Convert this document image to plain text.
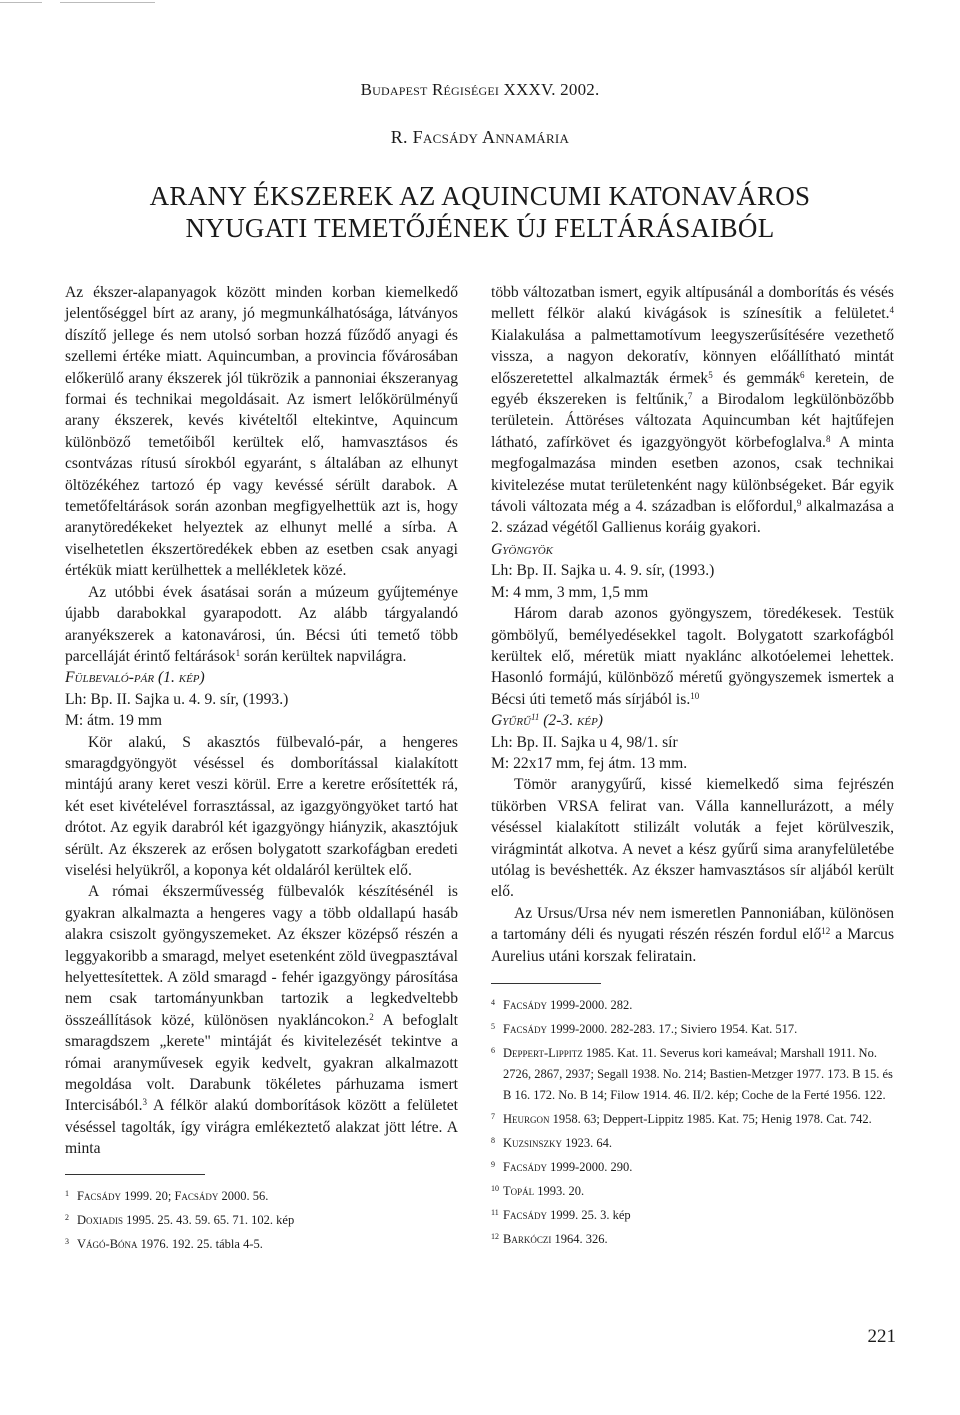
Budapest Régiségei XXXV. 2002.
R. Facsády Annamária
ARANY ÉKSZEREK AZ AQUINCUMI KATONAVÁROS
NYUGATI TEMETŐJÉNEK ÚJ FELTÁRÁSAIBÓL

Az ékszer-alapanyagok között minden korban kiemelkedő jelentőséggel bírt az arany, jó megmunkálhatósága, látványos díszítő jellege és nem utolsó sorban hozzá fűződő anyagi és szellemi értéke miatt. Aquincumban, a provincia fővárosában előkerülő arany ékszerek jól tükrözik a pannoniai ékszeranyag formai és technikai megoldásait. Az ismert lelőkörülményű arany ékszerek, kevés kivételtől eltekintve, Aquincum különböző temetőiből kerültek elő, hamvasztásos és csontvázas rítusú sírokból egyaránt, s általában az elhunyt öltözékéhez tartozó ép vagy kevéssé sérült darabok. A temetőfeltárások során azonban megfigyelhettük azt is, hogy aranytöredékeket helyeztek az elhunyt mellé a sírba. A viselhetetlen ékszertöredékek ebben az esetben csak anyagi értékük miatt kerülhettek a mellékletek közé.

Az utóbbi évek ásatásai során a múzeum gyűjteménye újabb darabokkal gyarapodott. Az alább tárgyalandó aranyékszerek a katonavárosi, ún. Bécsi úti temető több parcelláját érintő feltárások$^1$ során kerültek napvilágra.

Fülbevaló-pár (1. kép)

Lh: Bp. II. Sajka u. 4. 9. sír, (1993.)

M: átm. 19 mm

Kör alakú, S akasztós fülbevaló-pár, a hengeres smaragdgyöngyöt véséssel és domborítással kialakított mintájú arany keret veszi körül. Erre a keretre erősítették rá, két eset kivételével forrasztással, az igazgyöngyöket tartó hat drótot. Az egyik darabról két igazgyöngy hiányzik, akasztójuk sérült. Az ékszerek az erősen bolygatott szarkofágban eredeti viselési helyükről, a koponya két oldaláról kerültek elő.

A római ékszerművesség fülbevalók készítésénél is gyakran alkalmazta a hengeres vagy a több oldallapú hasáb alakra csiszolt gyöngyszemeket. Az ékszer középső részén a leggyakoribb a smaragd, melyet esetenként zöld üvegpasztával helyettesítettek. A zöld smaragd - fehér igazgyöngy párosítása nem csak tartományunkban tartozik a legkedveltebb összeállítások közé, különösen nyakláncokon.$^2$ A befoglalt smaragdszem „kerete" mintáját és kivitelezését tekintve a római aranyművesek egyik kedvelt, gyakran alkalmazott megoldása volt. Darabunk tökéletes párhuzama ismert Intercisából.$^3$ A félkör alakú domborítások között a felületet véséssel tagolták, így virágra emlékeztető alakzat jött létre. A minta

1 Facsády 1999. 20; Facsády 2000. 56.
2 Doxiadis 1995. 25. 43. 59. 65. 71. 102. kép
3 Vágó-Bóna 1976. 192. 25. tábla 4-5.

több változatban ismert, egyik altípusánál a domborítás és vésés mellett félkör alakú kivágások is színesítik a felületet.$^4$ Kialakulása a palmettamotívum leegyszerűsítésére vezethető vissza, a nagyon dekoratív, könnyen előállítható mintát előszeretettel alkalmazták érmek$^5$ és gemmák$^6$ keretein, de egyéb ékszereken is feltűnik,$^7$ a Birodalom legkülönbözőbb területein. Áttöréses változata Aquincumban két hajtűfejen látható, zafírkövet és igazgyöngyöt körbefoglalva.$^8$ A minta megfogalmazása minden esetben azonos, csak technikai kivitelezése mutat területenként nagy különbségeket. Bár egyik távoli változata még a 4. században is előfordul,$^9$ alkalmazása a 2. század végétől Gallienus koráig gyakori.

Gyöngyök

Lh: Bp. II. Sajka u. 4. 9. sír, (1993.)

M: 4 mm, 3 mm, 1,5 mm

Három darab azonos gyöngyszem, töredékesek. Testük gömbölyű, bemélyedésekkel tagolt. Bolygatott szarkofágból kerültek elő, méretük miatt nyaklánc alkotóelemei lehettek. Hasonló formájú, különböző méretű gyöngyszemek ismertek a Bécsi úti temető más sírjából is.$^{10}$

Gyűrű$^{11}$ (2-3. kép)

Lh: Bp. II. Sajka u 4, 98/1. sír

M: 22x17 mm, fej átm. 13 mm.

Tömör aranygyűrű, kissé kiemelkedő sima fejrészén tükörben VRSA felirat van. Válla kannellurázott, a mély véséssel kialakított stilizált voluták a fejet körülveszik, virágmintát alkotva. A nevet a kész gyűrű sima aranyfelületébe utólag is bevéshették. Az ékszer hamvasztásos sír aljából került elő.

Az Ursus/Ursa név nem ismeretlen Pannoniában, különösen a tartomány déli és nyugati részén részén fordul elő$^{12}$ a Marcus Aurelius utáni korszak feliratain.

4 Facsády 1999-2000. 282.
5 Facsády 1999-2000. 282-283. 17.; Siviero 1954. Kat. 517.
6 Deppert-Lippitz 1985. Kat. 11. Severus kori kameával; Marshall 1911. No. 2726, 2867, 2937; Segall 1938. No. 214; Bastien-Metzger 1977. 173. B 15. és B 16. 172. No. B 14; Filow 1914. 46. II/2. kép; Coche de la Ferté 1956. 122.
7 Heurgon 1958. 63; Deppert-Lippitz 1985. Kat. 75; Henig 1978. Cat. 742.
8 Kuzsinszky 1923. 64.
9 Facsády 1999-2000. 290.
10 Topál 1993. 20.
11 Facsády 1999. 25. 3. kép
12 Barkóczi 1964. 326.
221
